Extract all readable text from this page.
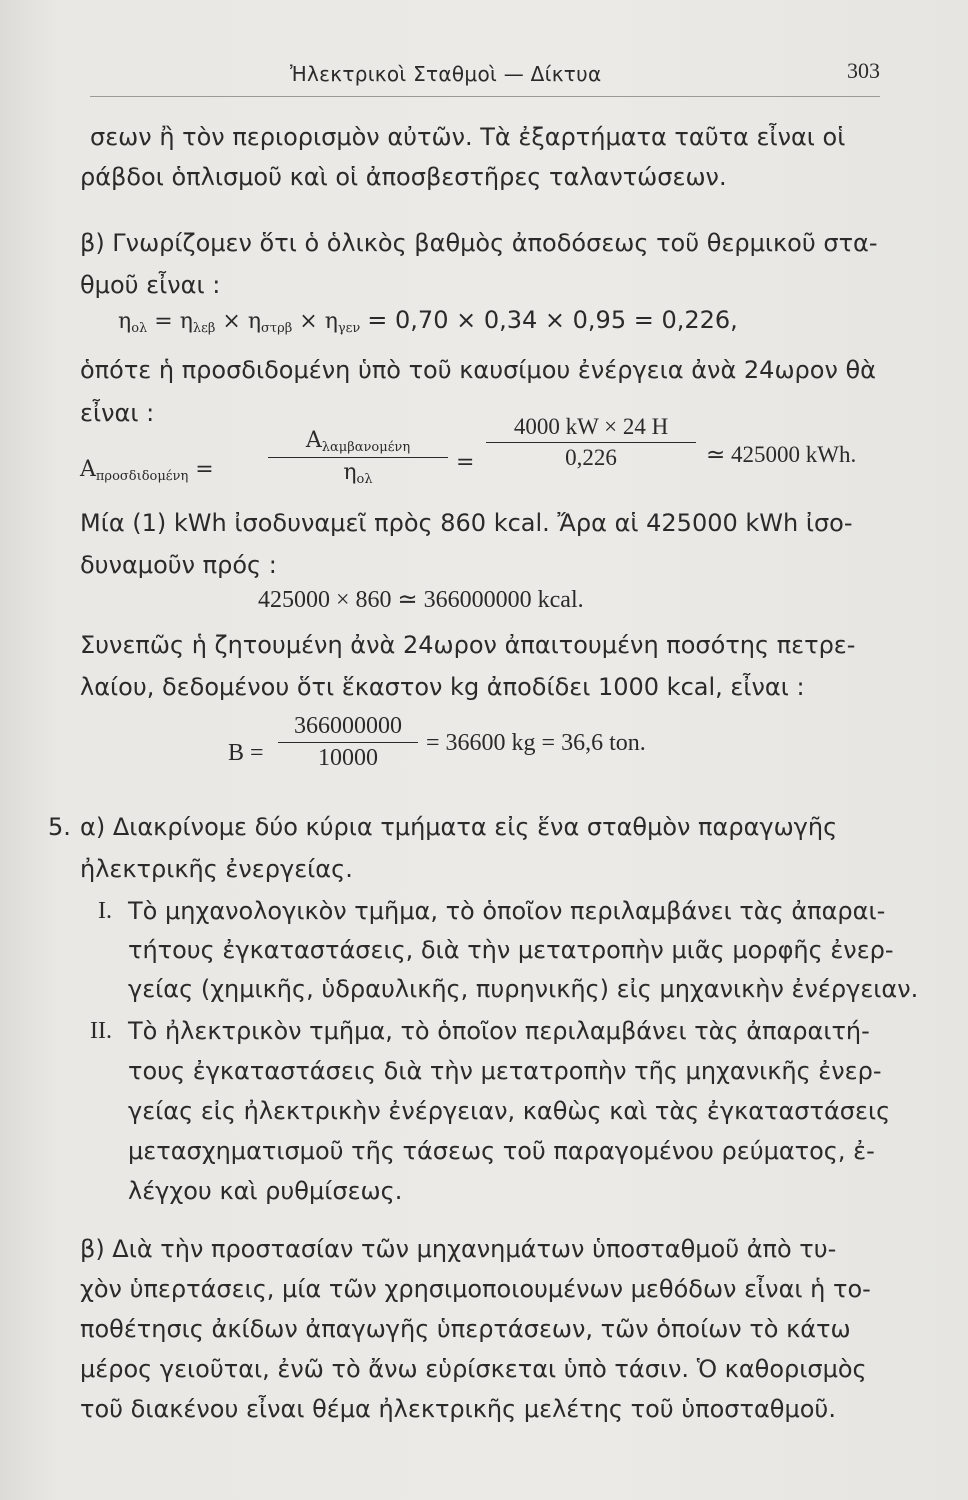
Ἠλεκτρικοὶ Σταθμοὶ — Δίκτυα	303
σεων ἢ τὸν περιορισμὸν αὐτῶν. Τὰ ἐξαρτήματα ταῦτα εἶναι οἱ
ράβδοι ὁπλισμοῦ καὶ οἱ ἀποσβεστῆρες ταλαντώσεων.
β) Γνωρίζομεν ὅτι ὁ ὁλικὸς βαθμὸς ἀποδόσεως τοῦ θερμικοῦ στα-
θμοῦ εἶναι :
$\eta_{o\lambda} = \eta_{\lambda\varepsilon\beta} \times \eta_{\sigma\tau\rho\beta} \times \eta_{\gamma\varepsilon\nu} = 0,70 \times 0,34 \times 0,95 = 0,226$,
ὁπότε ἡ προσδιδομένη ὑπὸ τοῦ καυσίμου ἐνέργεια ἀνὰ 24ωρον θὰ
εἶναι :
$A_{\pi\rho o\sigma\delta\iota\delta o\mu έ\nu\eta}$ =
$A_{\lambda\alpha\mu\beta\alpha\nu o\mu έ\nu\eta}$
$\eta_{o\lambda}$
=
4000 kW × 24 H
0,226	≃ 425000 kWh.
Μία (1) kWh ἰσοδυναμεῖ πρὸς 860 kcal. Ἄρα αἱ 425000 kWh ἰσο-
δυναμοῦν πρός :
425000 × 860 ≃ 366000000 kcal.
Συνεπῶς ἡ ζητουμένη ἀνὰ 24ωρον ἀπαιτουμένη ποσότης πετρε-
λαίου, δεδομένου ὅτι ἕκαστον kg ἀποδίδει 1000 kcal, εἶναι :
B =
366000000
10000
= 36600 kg = 36,6 ton.
5. α) Διακρίνομε δύο κύρια τμήματα εἰς ἕνα σταθμὸν παραγωγῆς
ἠλεκτρικῆς ἐνεργείας.
I. Τὸ μηχανολογικὸν τμῆμα, τὸ ὁποῖον περιλαμβάνει τὰς ἀπαραι-
τήτους ἐγκαταστάσεις, διὰ τὴν μετατροπὴν μιᾶς μορφῆς ἐνερ-
γείας (χημικῆς, ὑδραυλικῆς, πυρηνικῆς) εἰς μηχανικὴν ἐνέργειαν.
II. Τὸ ἠλεκτρικὸν τμῆμα, τὸ ὁποῖον περιλαμβάνει τὰς ἀπαραιτή-
τους ἐγκαταστάσεις διὰ τὴν μετατροπὴν τῆς μηχανικῆς ἐνερ-
γείας εἰς ἠλεκτρικὴν ἐνέργειαν, καθὼς καὶ τὰς ἐγκαταστάσεις
μετασχηματισμοῦ τῆς τάσεως τοῦ παραγομένου ρεύματος, ἐ-
λέγχου καὶ ρυθμίσεως.
β) Διὰ τὴν προστασίαν τῶν μηχανημάτων ὑποσταθμοῦ ἀπὸ τυ-
χὸν ὑπερτάσεις, μία τῶν χρησιμοποιουμένων μεθόδων εἶναι ἡ το-
ποθέτησις ἀκίδων ἀπαγωγῆς ὑπερτάσεων, τῶν ὁποίων τὸ κάτω
μέρος γειοῦται, ἐνῶ τὸ ἄνω εὑρίσκεται ὑπὸ τάσιν. Ὁ καθορισμὸς
τοῦ διακένου εἶναι θέμα ἠλεκτρικῆς μελέτης τοῦ ὑποσταθμοῦ.
